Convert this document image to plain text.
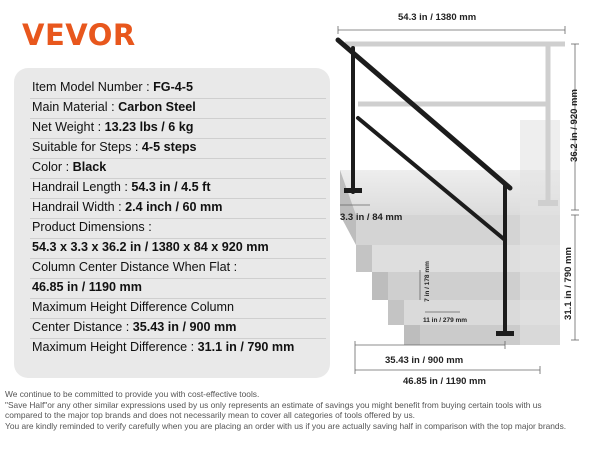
VEVOR
Item Model Number : FG-4-5
Main Material : Carbon Steel
Net Weight : 13.23 lbs / 6 kg
Suitable for Steps : 4-5 steps
Color : Black
Handrail Length : 54.3 in / 4.5 ft
Handrail Width : 2.4 inch / 60 mm
Product Dimensions :
54.3 x 3.3 x 36.2 in / 1380 x 84 x 920 mm
Column Center Distance When Flat :
46.85 in / 1190 mm
Maximum Height Difference Column
Center Distance : 35.43 in / 900 mm
Maximum Height Difference : 31.1 in / 790 mm
54.3 in / 1380 mm
36.2 in / 920 mm
3.3 in / 84 mm
7 in / 178 mm
11 in / 279 mm
31.1 in / 790 mm
35.43 in / 900 mm
46.85 in / 1190 mm
We continue to be committed to provide you with cost-effective tools.
"Save Half"or any other similar expressions used by us only represents an estimate of savings you might benefit from buying certain tools with us
compared to the major top brands and does not necessarily mean to cover all categories of tools offered by us.
You are kindly reminded to verify carefully when you are placing an order with us if you are actually saving half in comparison with the top major brands.
